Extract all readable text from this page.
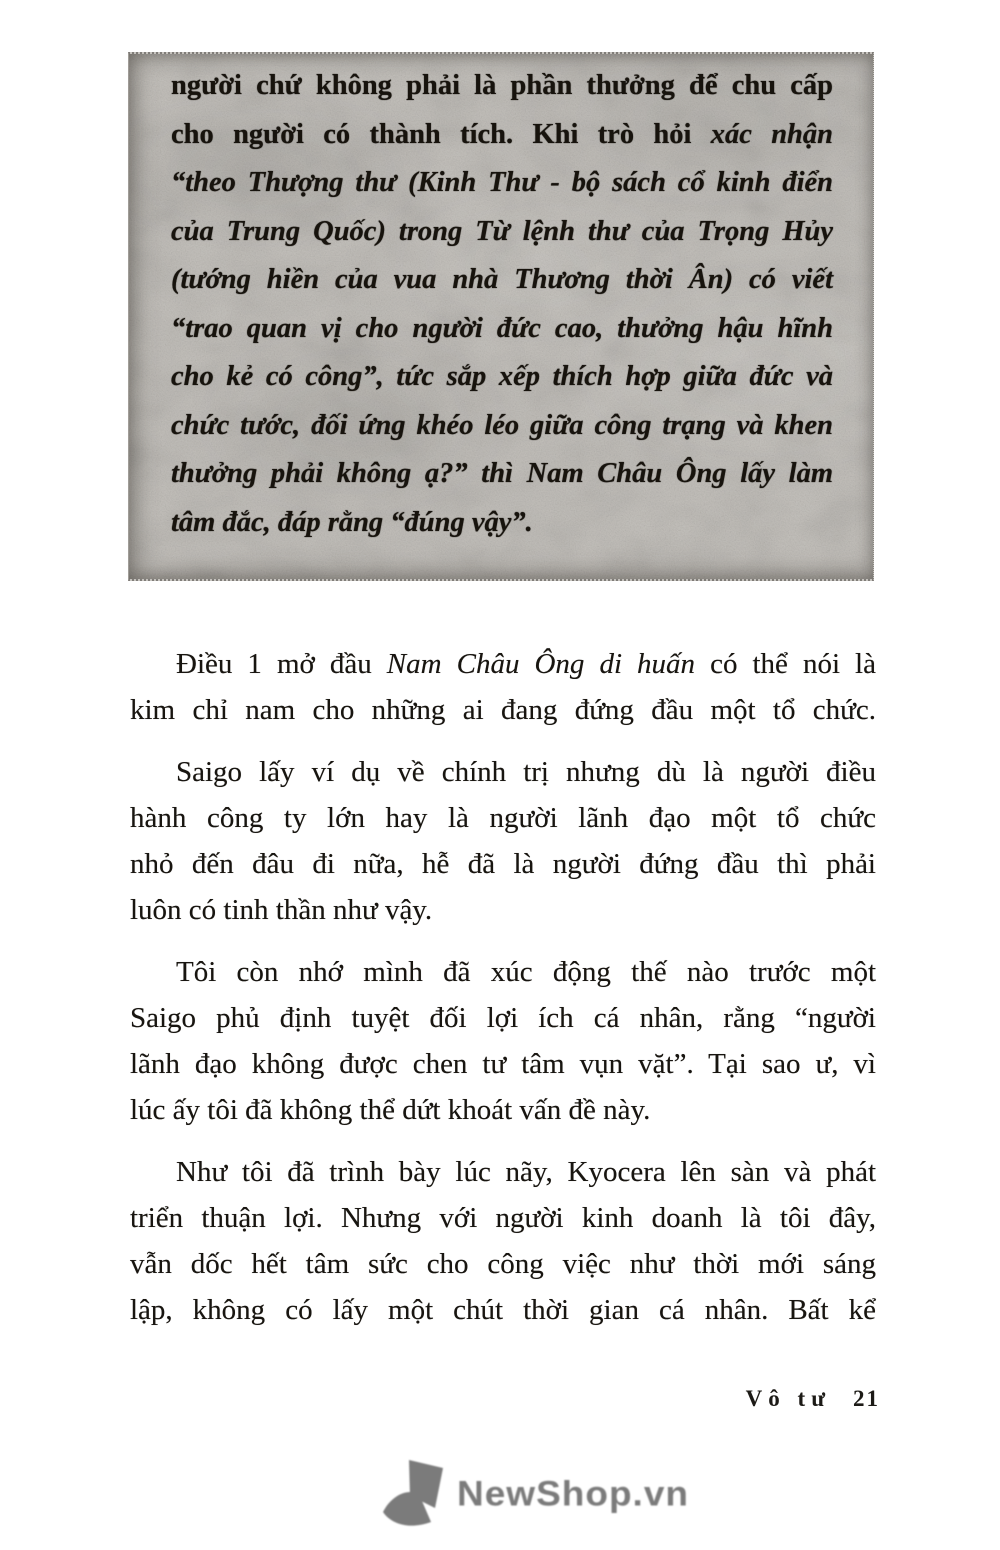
người chứ không phải là phần thưởng để chu cấp
cho người có thành tích. Khi trò hỏi xác nhận
“theo Thượng thư (Kinh Thư - bộ sách cổ kinh điển
của Trung Quốc) trong Từ lệnh thư của Trọng Hủy
(tướng hiền của vua nhà Thương thời Ân) có viết
“trao quan vị cho người đức cao, thưởng hậu hĩnh
cho kẻ có công”, tức sắp xếp thích hợp giữa đức và
chức tước, đối ứng khéo léo giữa công trạng và khen
thưởng phải không ạ?” thì Nam Châu Ông lấy làm
tâm đắc, đáp rằng “đúng vậy”.
Điều 1 mở đầu Nam Châu Ông di huấn có thể nói là
kim chỉ nam cho những ai đang đứng đầu một tổ chức.
Saigo lấy ví dụ về chính trị nhưng dù là người điều
hành công ty lớn hay là người lãnh đạo một tổ chức
nhỏ đến đâu đi nữa, hễ đã là người đứng đầu thì phải
luôn có tinh thần như vậy.
Tôi còn nhớ mình đã xúc động thế nào trước một
Saigo phủ định tuyệt đối lợi ích cá nhân, rằng “người
lãnh đạo không được chen tư tâm vụn vặt”. Tại sao ư, vì
lúc ấy tôi đã không thể dứt khoát vấn đề này.
Như tôi đã trình bày lúc nãy, Kyocera lên sàn và phát
triển thuận lợi. Nhưng với người kinh doanh là tôi đây,
vẫn dốc hết tâm sức cho công việc như thời mới sáng
lập, không có lấy một chút thời gian cá nhân. Bất kể
Vô tư 21
NewShop.vn
